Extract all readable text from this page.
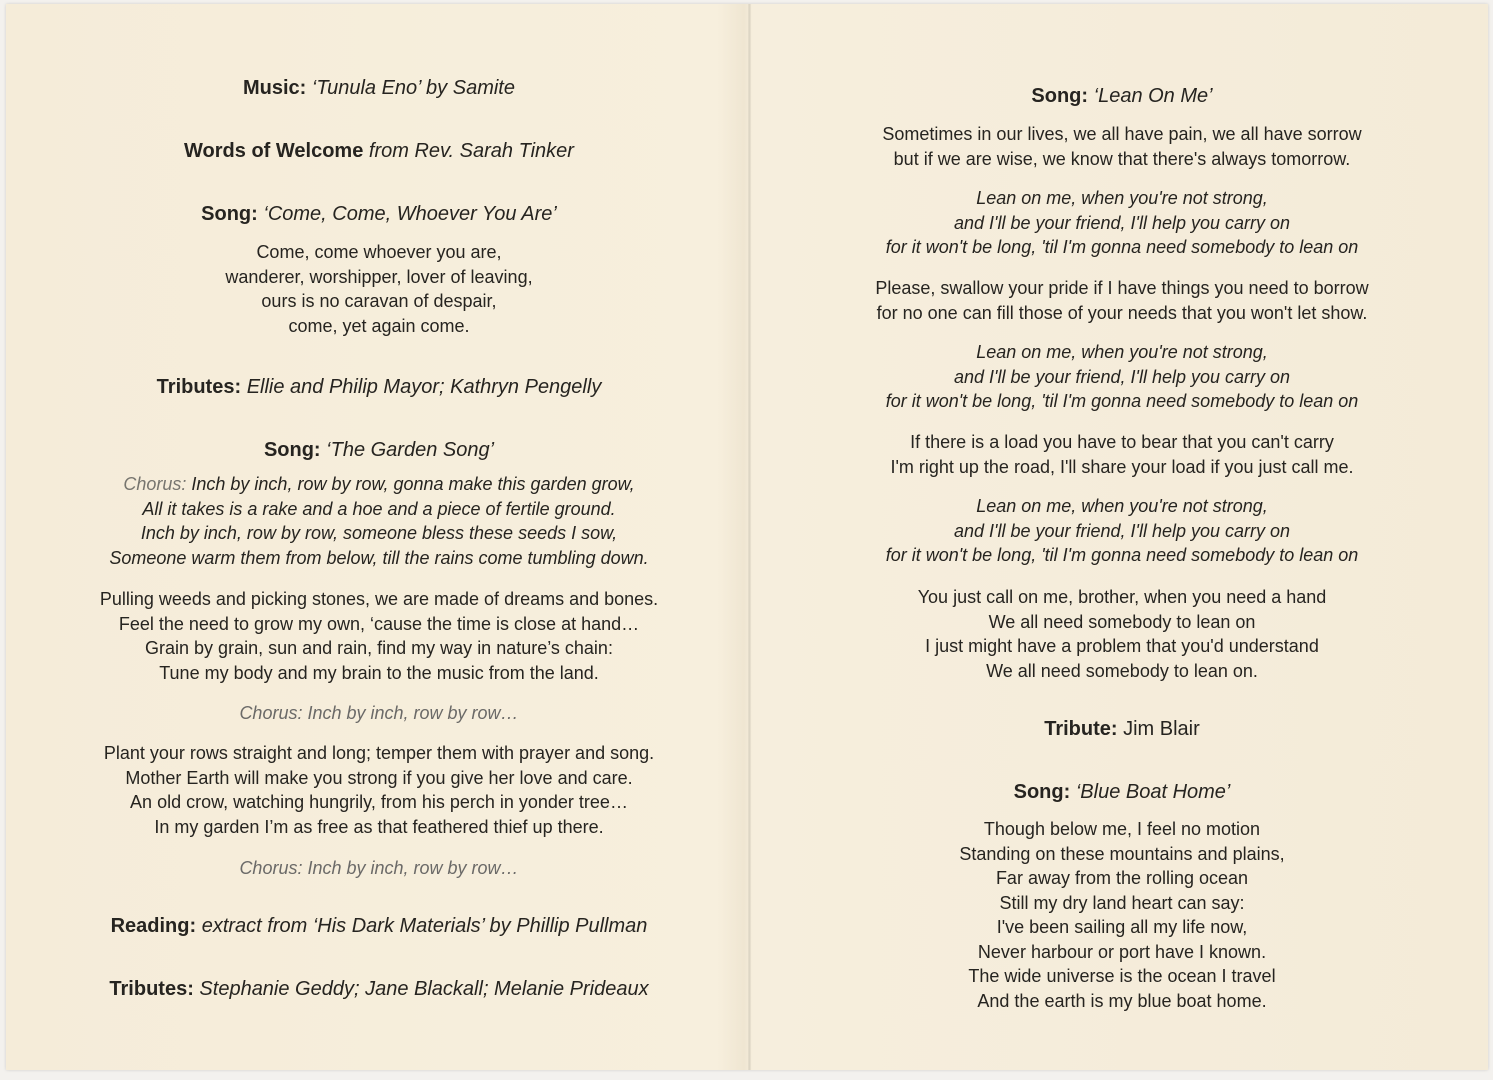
Music: ‘Tunula Eno’ by Samite
Words of Welcome from Rev. Sarah Tinker
Song: ‘Come, Come, Whoever You Are’
Come, come whoever you are,
wanderer, worshipper, lover of leaving,
ours is no caravan of despair,
come, yet again come.
Tributes: Ellie and Philip Mayor; Kathryn Pengelly
Song: ‘The Garden Song’
Chorus: Inch by inch, row by row, gonna make this garden grow,
All it takes is a rake and a hoe and a piece of fertile ground.
Inch by inch, row by row, someone bless these seeds I sow,
Someone warm them from below, till the rains come tumbling down.
Pulling weeds and picking stones, we are made of dreams and bones.
Feel the need to grow my own, ‘cause the time is close at hand…
Grain by grain, sun and rain, find my way in nature’s chain:
Tune my body and my brain to the music from the land.
Chorus: Inch by inch, row by row…
Plant your rows straight and long; temper them with prayer and song.
Mother Earth will make you strong if you give her love and care.
An old crow, watching hungrily, from his perch in yonder tree…
In my garden I’m as free as that feathered thief up there.
Chorus: Inch by inch, row by row…
Reading: extract from ‘His Dark Materials’ by Phillip Pullman
Tributes: Stephanie Geddy; Jane Blackall; Melanie Prideaux
Song: ‘Lean On Me’
Sometimes in our lives, we all have pain, we all have sorrow
but if we are wise, we know that there's always tomorrow.
Lean on me, when you're not strong,
and I'll be your friend, I'll help you carry on
for it won't be long, 'til I'm gonna need somebody to lean on
Please, swallow your pride if I have things you need to borrow
for no one can fill those of your needs that you won't let show.
Lean on me, when you're not strong,
and I'll be your friend, I'll help you carry on
for it won't be long, 'til I'm gonna need somebody to lean on
If there is a load you have to bear that you can't carry
I'm right up the road, I'll share your load if you just call me.
Lean on me, when you're not strong,
and I'll be your friend, I'll help you carry on
for it won't be long, 'til I'm gonna need somebody to lean on
You just call on me, brother, when you need a hand
We all need somebody to lean on
I just might have a problem that you'd understand
We all need somebody to lean on.
Tribute: Jim Blair
Song: ‘Blue Boat Home’
Though below me, I feel no motion
Standing on these mountains and plains,
Far away from the rolling ocean
Still my dry land heart can say:
I've been sailing all my life now,
Never harbour or port have I known.
The wide universe is the ocean I travel
And the earth is my blue boat home.
